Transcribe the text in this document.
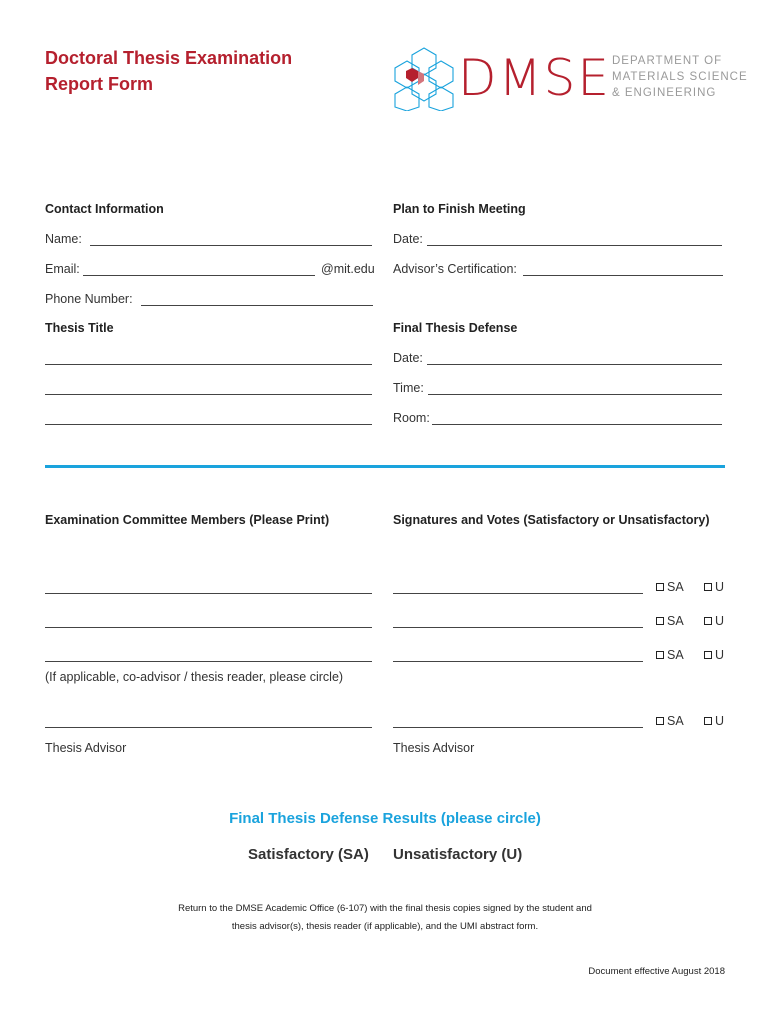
Doctoral Thesis Examination
Report Form	DMSE DEPARTMENT OF
MATERIALS SCIENCE
& ENGINEERING
Contact Information
Name:
Email:	@mit.edu
Phone Number:
Plan to Finish Meeting
Date:
Advisor’s Certification:
Thesis Title	Final Thesis Defense
Date:
Time:
Room:
Examination Committee Members (Please Print)	Signatures and Votes (Satisfactory or Unsatisfactory)
SA	U
SA	U
SA	U
(If applicable, co-advisor / thesis reader, please circle)
SA	U
Thesis Advisor	Thesis Advisor
Final Thesis Defense Results (please circle)
Satisfactory (SA) Unsatisfactory (U)
Return to the DMSE Academic Office (6-107) with the final thesis copies signed by the student and
thesis advisor(s), thesis reader (if applicable), and the UMI abstract form.
Document effective August 2018
